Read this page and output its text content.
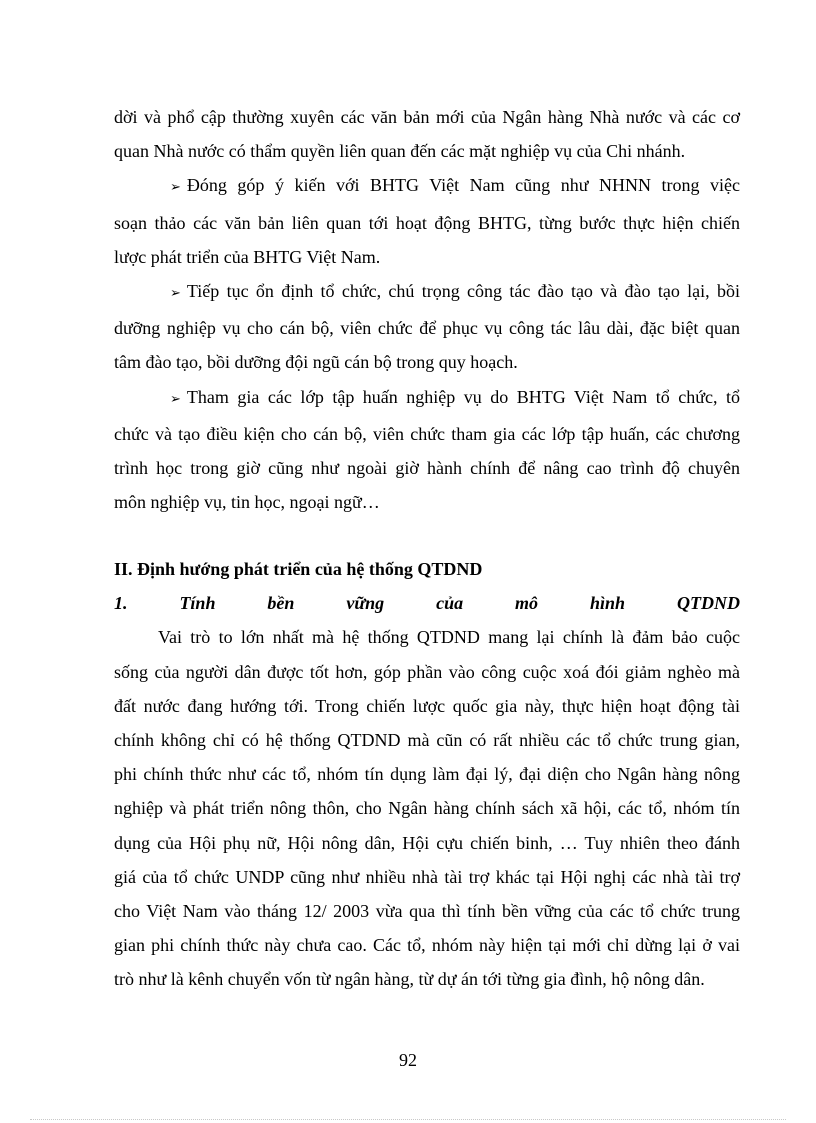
dời và phổ cập thường xuyên các văn bản mới của Ngân hàng Nhà nước và các cơ
quan Nhà nước có thẩm quyền liên quan đến các mặt nghiệp vụ của Chi nhánh.
➢ Đóng góp ý kiến với BHTG Việt Nam cũng như NHNN trong việc
soạn thảo các văn bản liên quan tới hoạt động BHTG, từng bước thực hiện chiến
lược phát triển của BHTG Việt Nam.
➢ Tiếp tục ổn định tổ chức, chú trọng công tác đào tạo và đào tạo lại, bồi
dưỡng nghiệp vụ cho cán bộ, viên chức để phục vụ công tác lâu dài, đặc biệt quan
tâm đào tạo, bồi dưỡng đội ngũ cán bộ trong quy hoạch.
➢ Tham gia các lớp tập huấn nghiệp vụ do BHTG Việt Nam tổ chức, tổ
chức và tạo điều kiện cho cán bộ, viên chức tham gia các lớp tập huấn, các chương
trình học trong giờ cũng như ngoài giờ hành chính để nâng cao trình độ chuyên
môn nghiệp vụ, tin học, ngoại ngữ…
II. Định hướng phát triển của hệ thống QTDND
1.	Tính	bền	vững	của	mô	hình	QTDND
Vai trò to lớn nhất mà hệ thống QTDND mang lại chính là đảm bảo cuộc
sống của người dân được tốt hơn, góp phần vào công cuộc xoá đói giảm nghèo mà
đất nước đang hướng tới. Trong chiến lược quốc gia này, thực hiện hoạt động tài
chính không chỉ có hệ thống QTDND mà cũn có rất nhiều các tổ chức trung gian,
phi chính thức như các tổ, nhóm tín dụng làm đại lý, đại diện cho Ngân hàng nông
nghiệp và phát triển nông thôn, cho Ngân hàng chính sách xã hội, các tổ, nhóm tín
dụng của Hội phụ nữ, Hội nông dân, Hội cựu chiến binh, … Tuy nhiên theo đánh
giá của tổ chức UNDP cũng như nhiều nhà tài trợ khác tại Hội nghị các nhà tài trợ
cho Việt Nam vào tháng 12/ 2003 vừa qua thì tính bền vững của các tổ chức trung
gian phi chính thức này chưa cao. Các tổ, nhóm này hiện tại mới chỉ dừng lại ở vai
trò như là kênh chuyển vốn từ ngân hàng, từ dự án tới từng gia đình, hộ nông dân.
92
